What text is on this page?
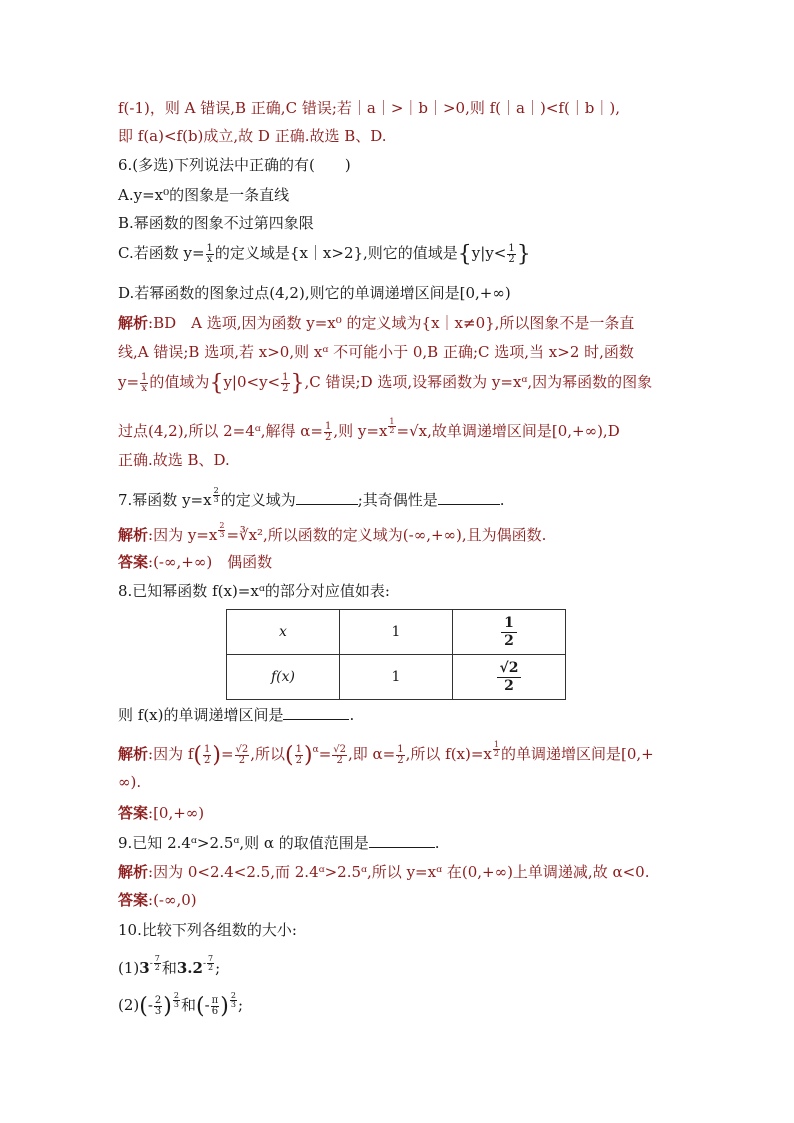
f(-1)，则 A 错误,B 正确,C 错误;若｜a｜>｜b｜>0,则 f(｜a｜)<f(｜b｜),
即 f(a)<f(b)成立,故 D 正确.故选 B、D.
6.(多选)下列说法中正确的有(　　)
A.y=x⁰的图象是一条直线
B.幂函数的图象不过第四象限
C.若函数 $y= \frac{1}{x}$ 的定义域是{x｜x>2},则它的值域是{$y|y< \frac{1}{2}$ }
D.若幂函数的图象过点(4,2),则它的单调递增区间是[0,+∞)
解析:BD　A 选项,因为函数 y=x⁰ 的定义域为{x｜x≠0},所以图象不是一条直
线,A 错误;B 选项,若 x>0,则 xᵅ 不可能小于 0,B 正确;C 选项,当 x>2 时,函数
$y= \frac{1}{x}$ 的值域为$\{y|0<y< \frac{1}{2} \},C$ 错误;D 选项,设幂函数为 y=xᵅ,因为幂函数的图象
过点(4,2),所以 2=4ᵅ,解得 $\alpha= \frac{1}{2}$ ,则 y=x $^{\frac{1}{2}}$ =√x,故单调递增区间是[0,+∞),D
正确.故选 B、D.
7.幂函数 y=x $^{\frac{2}{3}}$ 的定义域为	;其奇偶性是	.
解析:因为 y=x $^{\frac{2}{3}}$ =∛x²,所以函数的定义域为(-∞,+∞),且为偶函数.
答案:(-∞,+∞)　偶函数
8.已知幂函数 f(x)=xᵅ的部分对应值如表:
x	1	$\frac{1}{2}$

f(x)	1	$\frac{√2}{2}$
则 f(x)的单调递增区间是	.
解析:因为 $f( \frac{1}{2}$ )= $\frac{√2}{2}$ ,所以( $\frac{1}{2} )^\alpha= \frac{√2}{2}$ ,即 $\alpha= \frac{1}{2}$ ,所以 f(x)=x $^{\frac{1}{2}}$ 的单调递增区间是[0,+
∞).
答案:[0,+∞)
9.已知 2.4ᵅ>2.5ᵅ,则 α 的取值范围是	.
解析:因为 0<2.4<2.5,而 2.4ᵅ>2.5ᵅ,所以 y=xᵅ 在(0,+∞)上单调递减,故 α<0.
答案:(-∞,0)
10.比较下列各组数的大小:
$(1)3^{- \frac{7}{2}}$ 和$3.2^{- \frac{7}{2}}$ ;
$(2)(- \frac{2}{3}$ ) $^{\frac{2}{3}}$ 和(- $\frac{\pi}{6}$ ) $^{\frac{2}{3}}$ ;
